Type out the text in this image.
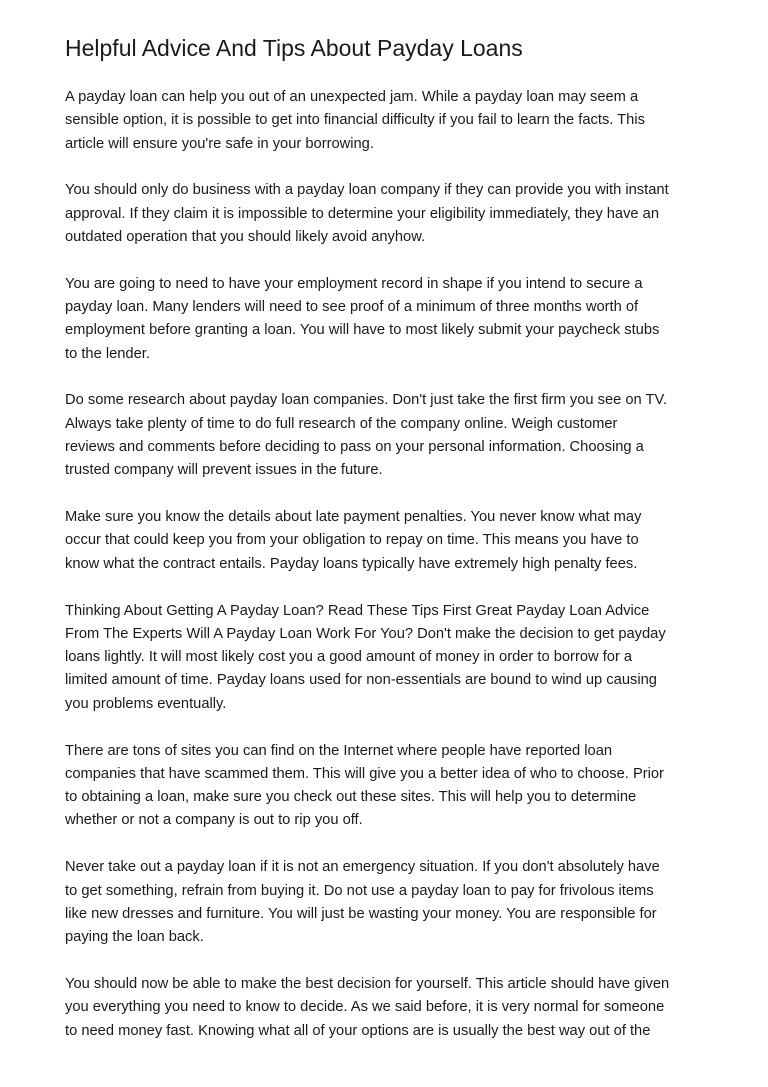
Helpful Advice And Tips About Payday Loans

A payday loan can help you out of an unexpected jam. While a payday loan may seem a
sensible option, it is possible to get into financial difficulty if you fail to learn the facts. This
article will ensure you're safe in your borrowing.

You should only do business with a payday loan company if they can provide you with instant
approval. If they claim it is impossible to determine your eligibility immediately, they have an
outdated operation that you should likely avoid anyhow.

You are going to need to have your employment record in shape if you intend to secure a
payday loan. Many lenders will need to see proof of a minimum of three months worth of
employment before granting a loan. You will have to most likely submit your paycheck stubs
to the lender.

Do some research about payday loan companies. Don't just take the first firm you see on TV.
Always take plenty of time to do full research of the company online. Weigh customer
reviews and comments before deciding to pass on your personal information. Choosing a
trusted company will prevent issues in the future.

Make sure you know the details about late payment penalties. You never know what may
occur that could keep you from your obligation to repay on time. This means you have to
know what the contract entails. Payday loans typically have extremely high penalty fees.

Thinking About Getting A Payday Loan? Read These Tips First Great Payday Loan Advice
From The Experts Will A Payday Loan Work For You? Don't make the decision to get payday
loans lightly. It will most likely cost you a good amount of money in order to borrow for a
limited amount of time. Payday loans used for non-essentials are bound to wind up causing
you problems eventually.

There are tons of sites you can find on the Internet where people have reported loan
companies that have scammed them. This will give you a better idea of who to choose. Prior
to obtaining a loan, make sure you check out these sites. This will help you to determine
whether or not a company is out to rip you off.

Never take out a payday loan if it is not an emergency situation. If you don't absolutely have
to get something, refrain from buying it. Do not use a payday loan to pay for frivolous items
like new dresses and furniture. You will just be wasting your money. You are responsible for
paying the loan back.

You should now be able to make the best decision for yourself. This article should have given
you everything you need to know to decide. As we said before, it is very normal for someone
to need money fast. Knowing what all of your options are is usually the best way out of the
